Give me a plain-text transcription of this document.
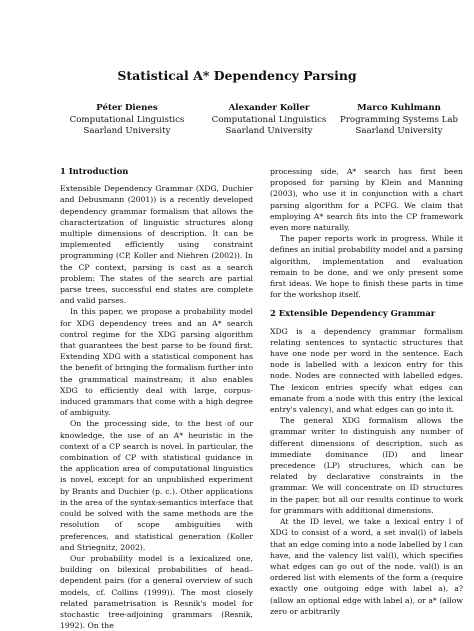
Statistical A* Dependency Parsing
Péter Dienes
Computational Linguistics
Saarland University
Alexander Koller
Computational Linguistics
Saarland University
Marco Kuhlmann
Programming Systems Lab
Saarland University
1 Introduction

Extensible Dependency Grammar (XDG, Duchier and Debusmann (2001)) is a recently developed dependency grammar formalism that allows the characterization of linguistic structures along multiple dimensions of description. It can be implemented efficiently using constraint programming (CP, Koller and Niehren (2002)). In the CP context, parsing is cast as a search problem: The states of the search are partial parse trees, successful end states are complete and valid parses.

In this paper, we propose a probability model for XDG dependency trees and an A* search control regime for the XDG parsing algorithm that guarantees the best parse to be found first. Extending XDG with a statistical component has the benefit of bringing the formalism further into the grammatical mainstream; it also enables XDG to efficiently deal with large, corpus-induced grammars that come with a high degree of ambiguity.

On the processing side, to the best of our knowledge, the use of an A* heuristic in the context of a CP search is novel. In particular, the combination of CP with statistical guidance in the application area of computational linguistics is novel, except for an unpublished experiment by Brants and Duchier (p. c.). Other applications in the area of the syntax-semantics interface that could be solved with the same methods are the resolution of scope ambiguities with preferences, and statistical generation (Koller and Striegnitz, 2002).

Our probability model is a lexicalized one, building on bilexical probabilities of head–dependent pairs (for a general overview of such models, cf. Collins (1999)). The most closely related parametrisation is Resnik's model for stochastic tree-adjoining grammars (Resnik, 1992). On the

processing side, A* search has first been proposed for parsing by Klein and Manning (2003), who use it in conjunction with a chart parsing algorithm for a PCFG. We claim that employing A* search fits into the CP framework even more naturally.

The paper reports work in progress. While it defines an initial probability model and a parsing algorithm, implementation and evaluation remain to be done, and we only present some first ideas. We hope to finish these parts in time for the workshop itself.

2 Extensible Dependency Grammar

XDG is a dependency grammar formalism relating sentences to syntactic structures that have one node per word in the sentence. Each node is labelled with a lexicon entry for this node. Nodes are connected with labelled edges. The lexicon entries specify what edges can emanate from a node with this entry (the lexical entry's valency), and what edges can go into it.

The general XDG formalism allows the grammar writer to distinguish any number of different dimensions of description, such as immediate dominance (ID) and linear precedence (LP) structures, which can be related by declarative constraints in the grammar. We will concentrate on ID structures in the paper, but all our results continue to work for grammars with additional dimensions.

At the ID level, we take a lexical entry l of XDG to consist of a word, a set inval(l) of labels that an edge coming into a node labelled by l can have, and the valency list val(l), which specifies what edges can go out of the node. val(l) is an ordered list with elements of the form a (require exactly one outgoing edge with label a), a? (allow an optional edge with label a), or a* (allow zero or arbitrarily
